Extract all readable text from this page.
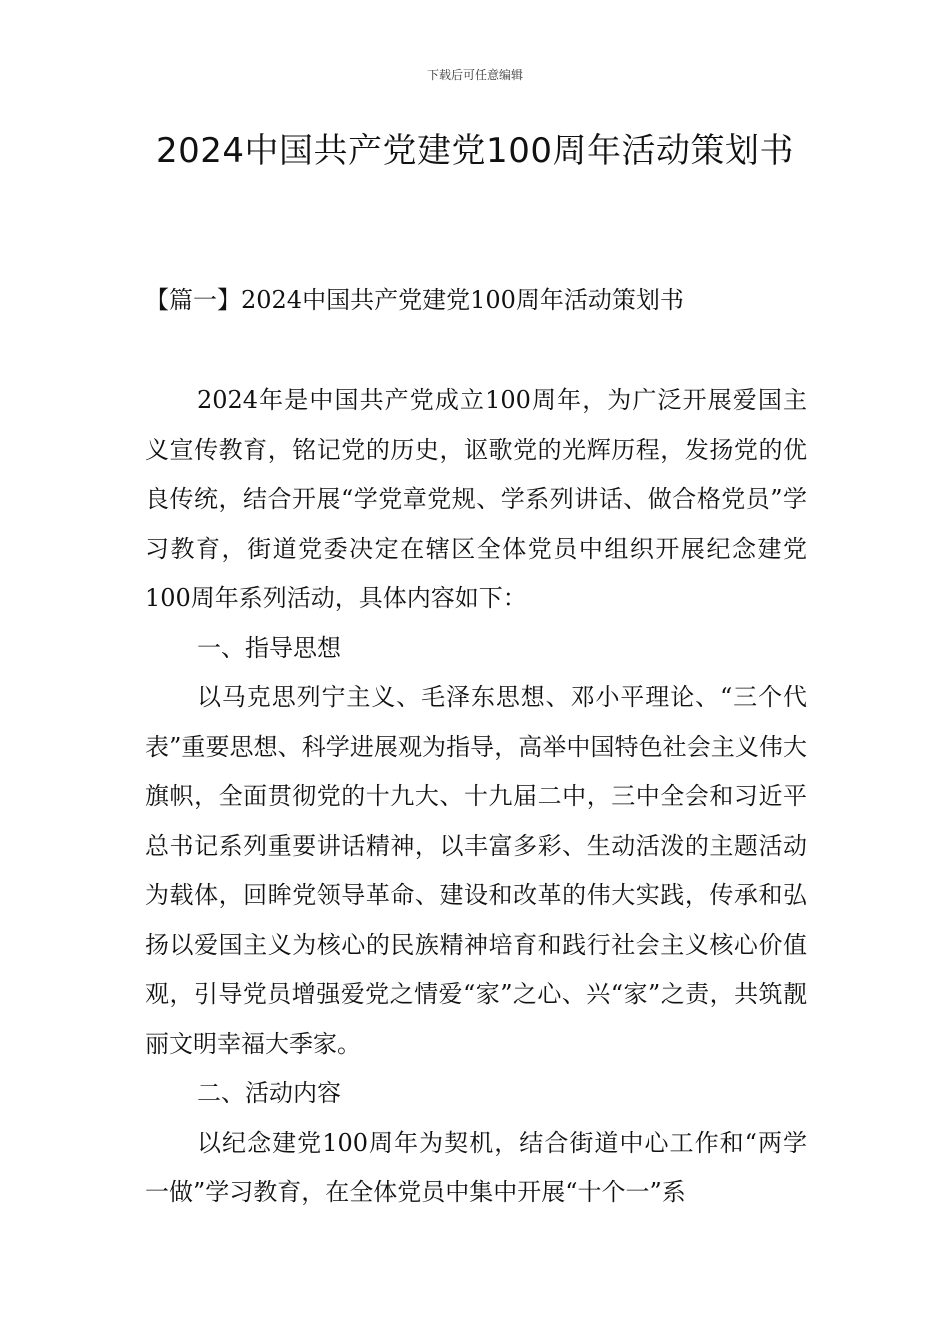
下载后可任意编辑
2024中国共产党建党100周年活动策划书
【篇一】2024中国共产党建党100周年活动策划书

2024年是中国共产党成立100周年，为广泛开展爱国主义宣传教育，铭记党的历史，讴歌党的光辉历程，发扬党的优良传统，结合开展“学党章党规、学系列讲话、做合格党员”学习教育，街道党委决定在辖区全体党员中组织开展纪念建党100周年系列活动，具体内容如下：

一、指导思想

以马克思列宁主义、毛泽东思想、邓小平理论、“三个代表”重要思想、科学进展观为指导，高举中国特色社会主义伟大旗帜，全面贯彻党的十九大、十九届二中，三中全会和习近平总书记系列重要讲话精神，以丰富多彩、生动活泼的主题活动为载体，回眸党领导革命、建设和改革的伟大实践，传承和弘扬以爱国主义为核心的民族精神培育和践行社会主义核心价值观，引导党员增强爱党之情爱“家”之心、兴“家”之责，共筑靓丽文明幸福大季家。

二、活动内容

以纪念建党100周年为契机，结合街道中心工作和“两学一做”学习教育，在全体党员中集中开展“十个一”系
